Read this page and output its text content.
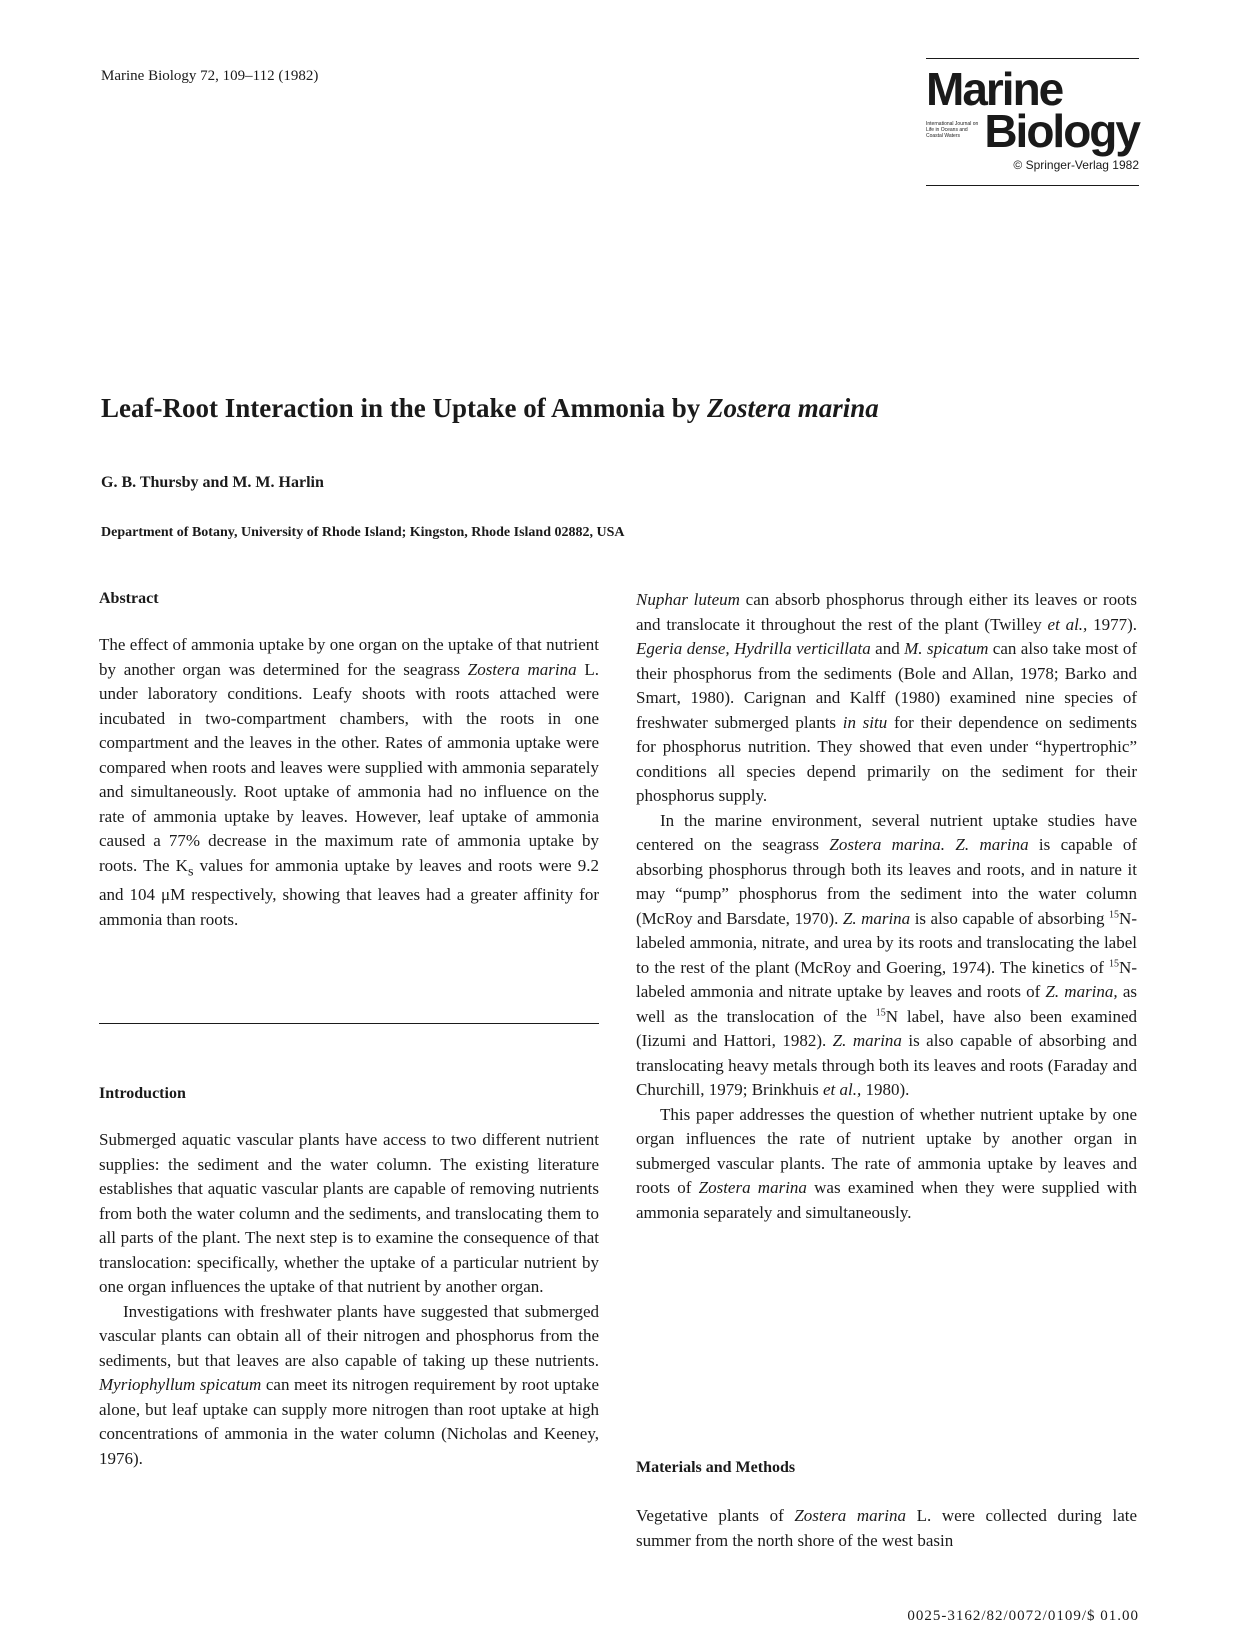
Marine Biology 72, 109–112 (1982)	Marine
International Journal on Life in Oceans and Coastal Waters Biology
© Springer-Verlag 1982
Leaf-Root Interaction in the Uptake of Ammonia by Zostera marina
G. B. Thursby and M. M. Harlin
Department of Botany, University of Rhode Island; Kingston, Rhode Island 02882, USA
Abstract

The effect of ammonia uptake by one organ on the uptake of that nutrient by another organ was determined for the seagrass Zostera marina L. under laboratory conditions. Leafy shoots with roots attached were incubated in two-compartment chambers, with the roots in one compartment and the leaves in the other. Rates of ammonia uptake were compared when roots and leaves were supplied with ammonia separately and simultaneously. Root uptake of ammonia had no influence on the rate of ammonia uptake by leaves. However, leaf uptake of ammonia caused a 77% decrease in the maximum rate of ammonia uptake by roots. The $K_s$ values for ammonia uptake by leaves and roots were 9.2 and 104 μM respectively, showing that leaves had a greater affinity for ammonia than roots.

Introduction

Submerged aquatic vascular plants have access to two different nutrient supplies: the sediment and the water column. The existing literature establishes that aquatic vascular plants are capable of removing nutrients from both the water column and the sediments, and translocating them to all parts of the plant. The next step is to examine the consequence of that translocation: specifically, whether the uptake of a particular nutrient by one organ influences the uptake of that nutrient by another organ.

Investigations with freshwater plants have suggested that submerged vascular plants can obtain all of their nitrogen and phosphorus from the sediments, but that leaves are also capable of taking up these nutrients. Myriophyllum spicatum can meet its nitrogen requirement by root uptake alone, but leaf uptake can supply more nitrogen than root uptake at high concentrations of ammonia in the water column (Nicholas and Keeney, 1976).

Nuphar luteum can absorb phosphorus through either its leaves or roots and translocate it throughout the rest of the plant (Twilley et al., 1977). Egeria dense, Hydrilla verticillata and M. spicatum can also take most of their phosphorus from the sediments (Bole and Allan, 1978; Barko and Smart, 1980). Carignan and Kalff (1980) examined nine species of freshwater submerged plants in situ for their dependence on sediments for phosphorus nutrition. They showed that even under “hypertrophic” conditions all species depend primarily on the sediment for their phosphorus supply.

In the marine environment, several nutrient uptake studies have centered on the seagrass Zostera marina. Z. marina is capable of absorbing phosphorus through both its leaves and roots, and in nature it may “pump” phosphorus from the sediment into the water column (McRoy and Barsdate, 1970). Z. marina is also capable of absorbing $^{15}$N-labeled ammonia, nitrate, and urea by its roots and translocating the label to the rest of the plant (McRoy and Goering, 1974). The kinetics of $^{15}$N-labeled ammonia and nitrate uptake by leaves and roots of Z. marina, as well as the translocation of the $^{15}$N label, have also been examined (Iizumi and Hattori, 1982). Z. marina is also capable of absorbing and translocating heavy metals through both its leaves and roots (Faraday and Churchill, 1979; Brinkhuis et al., 1980).

This paper addresses the question of whether nutrient uptake by one organ influences the rate of nutrient uptake by another organ in submerged vascular plants. The rate of ammonia uptake by leaves and roots of Zostera marina was examined when they were supplied with ammonia separately and simultaneously.

Materials and Methods

Vegetative plants of Zostera marina L. were collected during late summer from the north shore of the west basin

0025-3162/82/0072/0109/$ 01.00
